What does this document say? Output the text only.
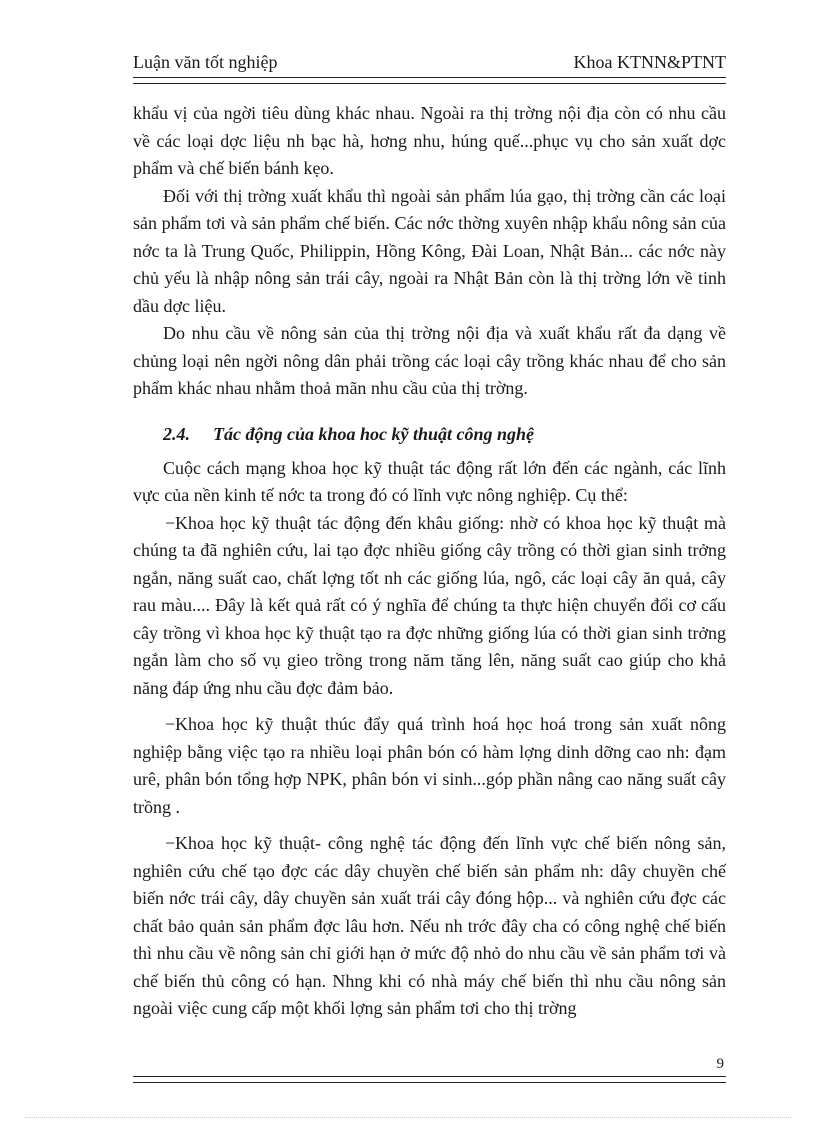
Luận văn tốt nghiệp	Khoa KTNN&PTNT

khẩu vị của ngời tiêu dùng khác nhau. Ngoài ra thị trờng nội địa còn có nhu cầu về các loại dợc liệu nh bạc hà, hơng nhu, húng quế...phục vụ cho sản xuất dợc phẩm và chế biến bánh kẹo.

Đối với thị trờng xuất khẩu thì ngoài sản phẩm lúa gạo, thị trờng cần các loại sản phẩm tơi và sản phẩm chế biến. Các nớc thờng xuyên nhập khẩu nông sản của nớc ta là Trung Quốc, Philippin, Hồng Kông, Đài Loan, Nhật Bản... các nớc này chủ yếu là nhập nông sản trái cây, ngoài ra Nhật Bản còn là thị trờng lớn về tinh dầu dợc liệu.

Do nhu cầu về nông sản của thị trờng nội địa và xuất khẩu rất đa dạng về chủng loại nên ngời nông dân phải trồng các loại cây trồng khác nhau để cho sản phẩm khác nhau nhằm thoả mãn nhu cầu của thị trờng.

2.4. Tác động của khoa hoc kỹ thuật công nghệ

Cuộc cách mạng khoa học kỹ thuật tác động rất lớn đến các ngành, các lĩnh vực của nền kinh tế nớc ta trong đó có lĩnh vực nông nghiệp. Cụ thể:

−Khoa học kỹ thuật tác động đến khâu giống: nhờ có khoa học kỹ thuật mà chúng ta đã nghiên cứu, lai tạo đợc nhiều giống cây trồng có thời gian sinh trởng ngắn, năng suất cao, chất lợng tốt nh các giống lúa, ngô, các loại cây ăn quả, cây rau màu.... Đây là kết quả rất có ý nghĩa để chúng ta thực hiện chuyển đổi cơ cấu cây trồng vì khoa học kỹ thuật tạo ra đợc những giống lúa có thời gian sinh trởng ngắn làm cho số vụ gieo trồng trong năm tăng lên, năng suất cao giúp cho khả năng đáp ứng nhu cầu đợc đảm bảo.

−Khoa học kỹ thuật thúc đẩy quá trình hoá học hoá trong sản xuất nông nghiệp bằng việc tạo ra nhiều loại phân bón có hàm lợng dinh dỡng cao nh: đạm urê, phân bón tổng hợp NPK, phân bón vi sinh...góp phần nâng cao năng suất cây trồng .

−Khoa học kỹ thuật- công nghệ tác động đến lĩnh vực chế biến nông sản, nghiên cứu chế tạo đợc các dây chuyền chế biến sản phẩm nh: dây chuyền chế biến nớc trái cây, dây chuyền sản xuất trái cây đóng hộp... và nghiên cứu đợc các chất bảo quản sản phẩm đợc lâu hơn. Nếu nh trớc đây cha có công nghệ chế biến thì nhu cầu về nông sản chỉ giới hạn ở mức độ nhỏ do nhu cầu về sản phẩm tơi và chế biến thủ công có hạn. Nhng khi có nhà máy chế biến thì nhu cầu nông sản ngoài việc cung cấp một khối lợng sản phẩm tơi cho thị trờng

9
